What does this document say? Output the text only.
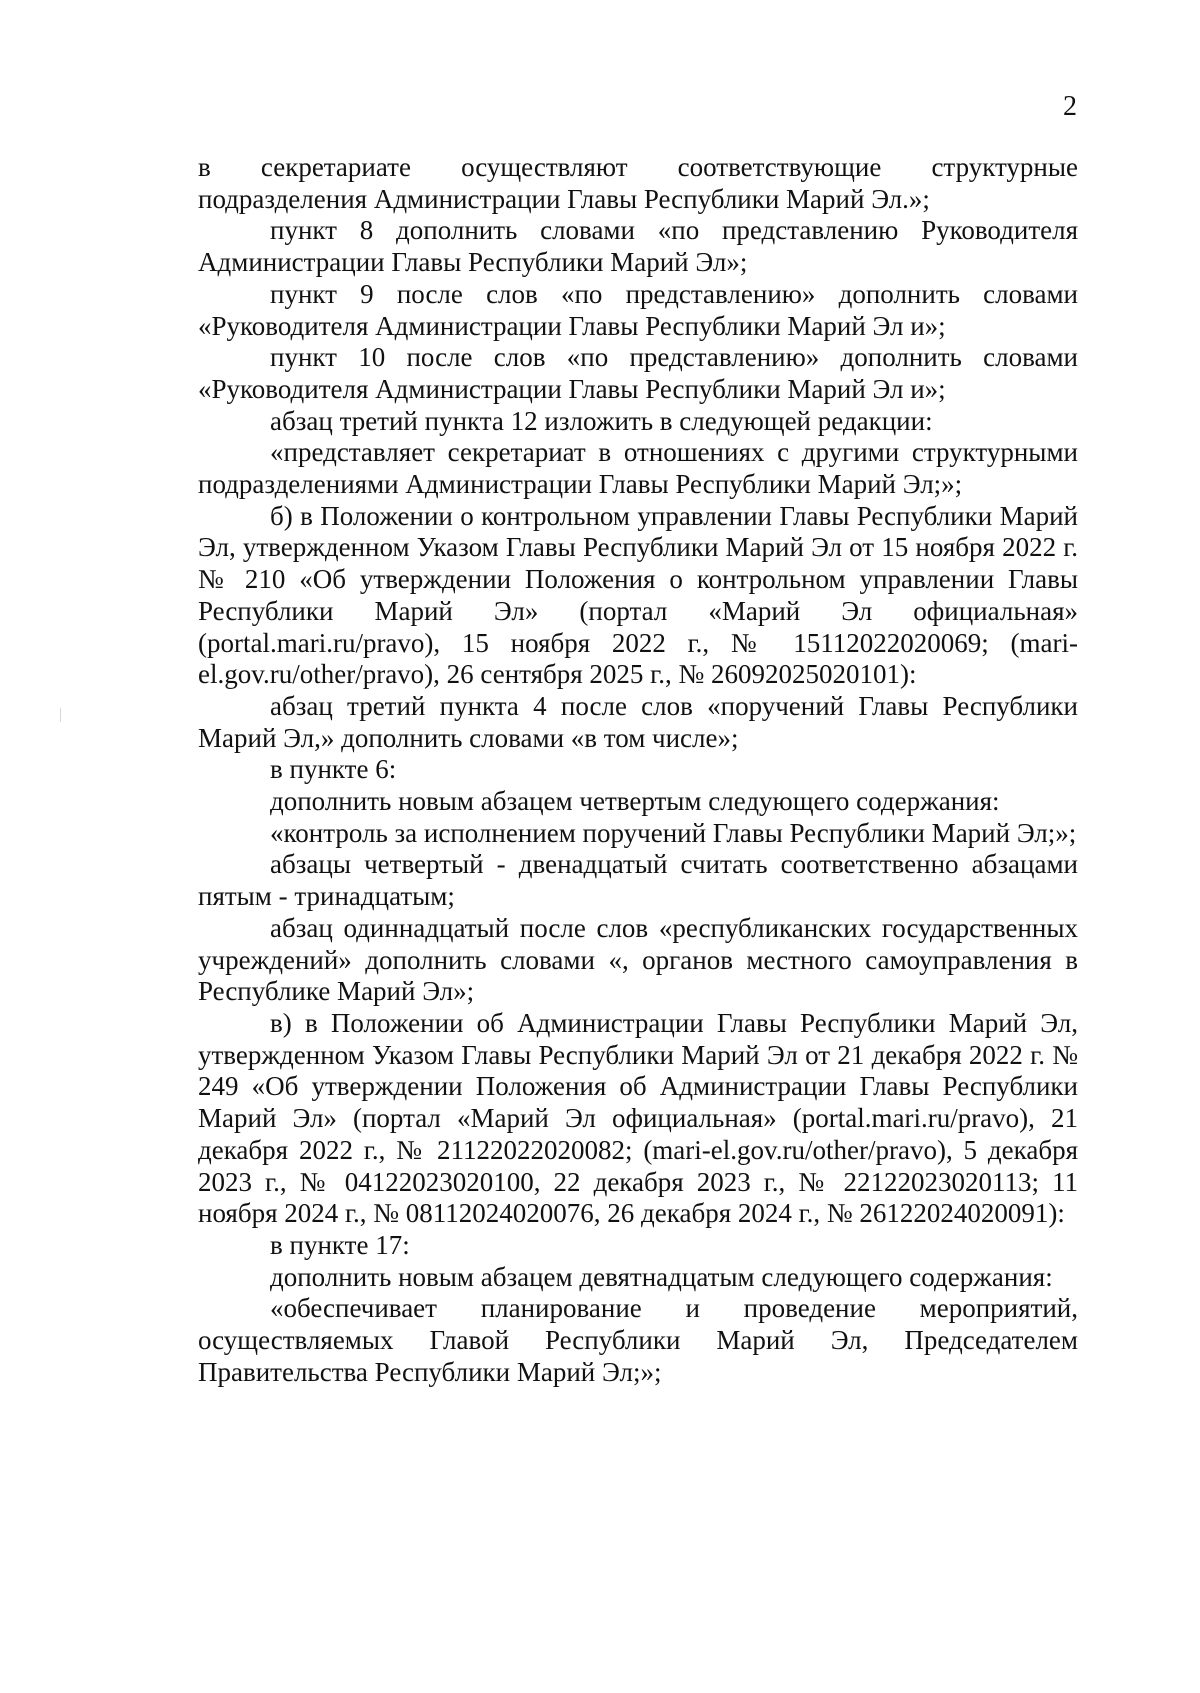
2

в секретариате осуществляют соответствующие структурные подразделения Администрации Главы Республики Марий Эл.»;

пункт 8 дополнить словами «по представлению Руководителя Администрации Главы Республики Марий Эл»;

пункт 9 после слов «по представлению» дополнить словами «Руководителя Администрации Главы Республики Марий Эл и»;

пункт 10 после слов «по представлению» дополнить словами «Руководителя Администрации Главы Республики Марий Эл и»;

абзац третий пункта 12 изложить в следующей редакции:

«представляет секретариат в отношениях с другими структурными подразделениями Администрации Главы Республики Марий Эл;»;

б) в Положении о контрольном управлении Главы Республики Марий Эл, утвержденном Указом Главы Республики Марий Эл от 15 ноября 2022 г. № 210 «Об утверждении Положения о контрольном управлении Главы Республики Марий Эл» (портал «Марий Эл официальная» (portal.mari.ru/pravo), 15 ноября 2022 г., № 15112022020069; (mari-el.gov.ru/other/pravo), 26 сентября 2025 г., № 26092025020101):

абзац третий пункта 4 после слов «поручений Главы Республики Марий Эл,» дополнить словами «в том числе»;

в пункте 6:

дополнить новым абзацем четвертым следующего содержания:

«контроль за исполнением поручений Главы Республики Марий Эл;»;

абзацы четвертый - двенадцатый считать соответственно абзацами пятым - тринадцатым;

абзац одиннадцатый после слов «республиканских государственных учреждений» дополнить словами «, органов местного самоуправления в Республике Марий Эл»;

в) в Положении об Администрации Главы Республики Марий Эл, утвержденном Указом Главы Республики Марий Эл от 21 декабря 2022 г. № 249 «Об утверждении Положения об Администрации Главы Республики Марий Эл» (портал «Марий Эл официальная» (portal.mari.ru/pravo), 21 декабря 2022 г., № 21122022020082; (mari-el.gov.ru/other/pravo), 5 декабря 2023 г., № 04122023020100, 22 декабря 2023 г., № 22122023020113; 11 ноября 2024 г., № 08112024020076, 26 декабря 2024 г., № 26122024020091):

в пункте 17:

дополнить новым абзацем девятнадцатым следующего содержания:

«обеспечивает планирование и проведение мероприятий, осуществляемых Главой Республики Марий Эл, Председателем Правительства Республики Марий Эл;»;
